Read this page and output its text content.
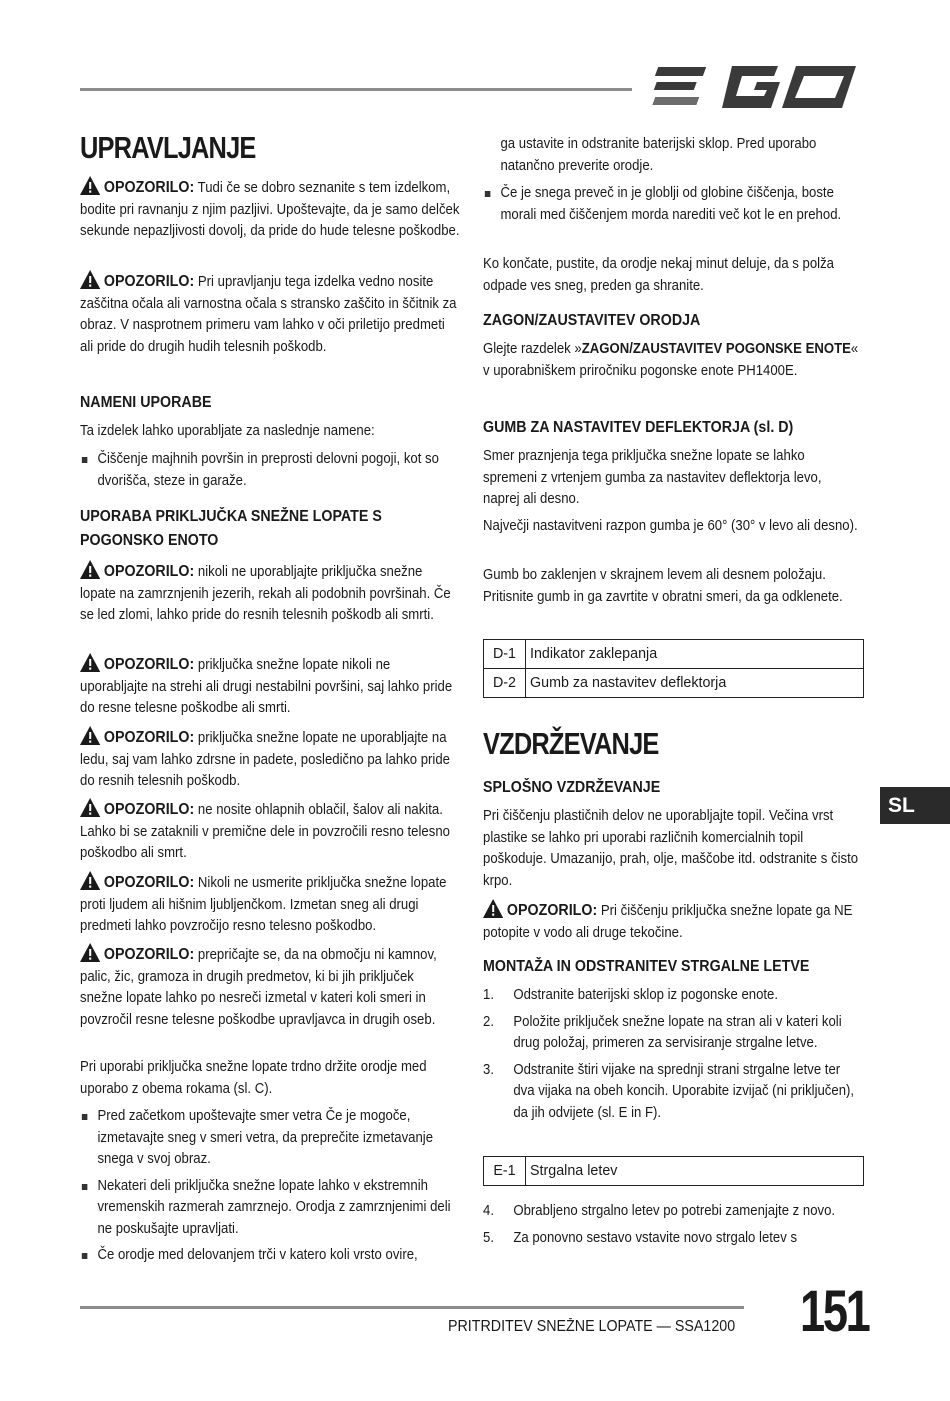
UPRAVLJANJE
OPOZORILO: Tudi če se dobro seznanite s tem izdelkom, bodite pri ravnanju z njim pazljivi. Upoštevajte, da je samo delček sekunde nepazljivosti dovolj, da pride do hude telesne poškodbe.
OPOZORILO: Pri upravljanju tega izdelka vedno nosite zaščitna očala ali varnostna očala s stransko zaščito in ščitnik za obraz. V nasprotnem primeru vam lahko v oči priletijo predmeti ali pride do drugih hudih telesnih poškodb.
NAMENI UPORABE
Ta izdelek lahko uporabljate za naslednje namene:
Čiščenje majhnih površin in preprosti delovni pogoji, kot so dvorišča, steze in garaže.
UPORABA PRIKLJUČKA SNEŽNE LOPATE S POGONSKO ENOTO
OPOZORILO: nikoli ne uporabljajte priključka snežne lopate na zamrznjenih jezerih, rekah ali podobnih površinah. Če se led zlomi, lahko pride do resnih telesnih poškodb ali smrti.
OPOZORILO: priključka snežne lopate nikoli ne uporabljajte na strehi ali drugi nestabilni površini, saj lahko pride do resne telesne poškodbe ali smrti.
OPOZORILO: priključka snežne lopate ne uporabljajte na ledu, saj vam lahko zdrsne in padete, posledično pa lahko pride do resnih telesnih poškodb.
OPOZORILO: ne nosite ohlapnih oblačil, šalov ali nakita. Lahko bi se zataknili v premične dele in povzročili resno telesno poškodbo ali smrt.
OPOZORILO: Nikoli ne usmerite priključka snežne lopate proti ljudem ali hišnim ljubljenčkom. Izmetan sneg ali drugi predmeti lahko povzročijo resno telesno poškodbo.
OPOZORILO: prepričajte se, da na območju ni kamnov, palic, žic, gramoza in drugih predmetov, ki bi jih priključek snežne lopate lahko po nesreči izmetal v kateri koli smeri in povzročil resne telesne poškodbe upravljavca in drugih oseb.
Pri uporabi priključka snežne lopate trdno držite orodje med uporabo z obema rokama (sl. C).
Pred začetkom upoštevajte smer vetra Če je mogoče, izmetavajte sneg v smeri vetra, da preprečite izmetavanje snega v svoj obraz.
Nekateri deli priključka snežne lopate lahko v ekstremnih vremenskih razmerah zamrznejo. Orodja z zamrznjenimi deli ne poskušajte upravljati.
Če orodje med delovanjem trči v katero koli vrsto ovire,
ga ustavite in odstranite baterijski sklop. Pred uporabo natančno preverite orodje.
Če je snega preveč in je globlji od globine čiščenja, boste morali med čiščenjem morda narediti več kot le en prehod.
Ko končate, pustite, da orodje nekaj minut deluje, da s polža odpade ves sneg, preden ga shranite.
ZAGON/ZAUSTAVITEV ORODJA
Glejte razdelek »ZAGON/ZAUSTAVITEV POGONSKE ENOTE« v uporabniškem priročniku pogonske enote PH1400E.
GUMB ZA NASTAVITEV DEFLEKTORJA (sl. D)
Smer praznjenja tega priključka snežne lopate se lahko spremeni z vrtenjem gumba za nastavitev deflektorja levo, naprej ali desno.
Največji nastavitveni razpon gumba je 60° (30° v levo ali desno).
Gumb bo zaklenjen v skrajnem levem ali desnem položaju. Pritisnite gumb in ga zavrtite v obratni smeri, da ga odklenete.
D-1	Indikator zaklepanja
D-2	Gumb za nastavitev deflektorja
VZDRŽEVANJE
SPLOŠNO VZDRŽEVANJE
Pri čiščenju plastičnih delov ne uporabljajte topil. Večina vrst plastike se lahko pri uporabi različnih komercialnih topil poškoduje. Umazanijo, prah, olje, maščobe itd. odstranite s čisto krpo.
OPOZORILO: Pri čiščenju priključka snežne lopate ga NE potopite v vodo ali druge tekočine.
MONTAŽA IN ODSTRANITEV STRGALNE LETVE
1. Odstranite baterijski sklop iz pogonske enote.
2. Položite priključek snežne lopate na stran ali v kateri koli drug položaj, primeren za servisiranje strgalne letve.
3. Odstranite štiri vijake na sprednji strani strgalne letve ter dva vijaka na obeh koncih. Uporabite izvijač (ni priključen), da jih odvijete (sl. E in F).
E-1	Strgalna letev
4. Obrabljeno strgalno letev po potrebi zamenjajte z novo.
5. Za ponovno sestavo vstavite novo strgalo letev s
SL
PRITRDITEV SNEŽNE LOPATE — SSA1200 151
